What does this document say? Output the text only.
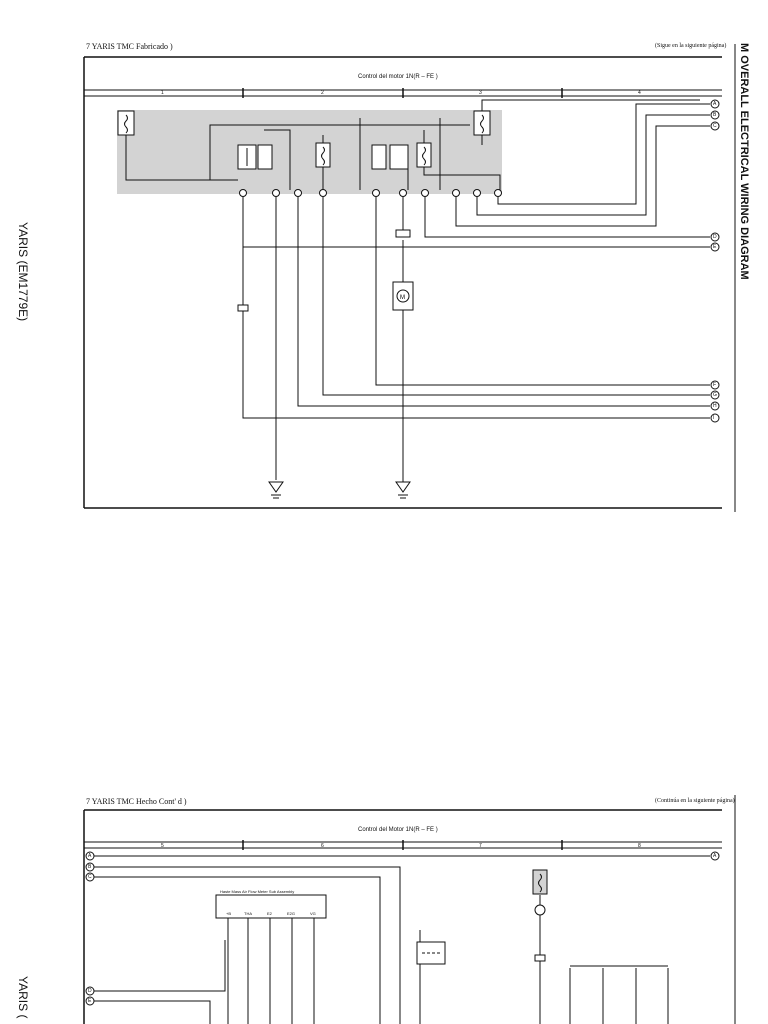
7 YARIS TMC Fabricado )	(Sigue en la siguiente página)
YARIS (EM1779E)	M OVERALL ELECTRICAL WIRING DIAGRAM
M
Control del motor 1N(R – FE )
1	2	3	4
A
B
C
D
E
F
G
H
I
7 YARIS TMC Hecho Cont' d )	(Continúa en la siguiente página)
YARIS (
Control del Motor 1N(R – FE )
5	6	7	8
Haste Mass Air Flow Meter Sub Assembly
+B	THA	E2	E2G	VG
A
B
C
D
E
A
